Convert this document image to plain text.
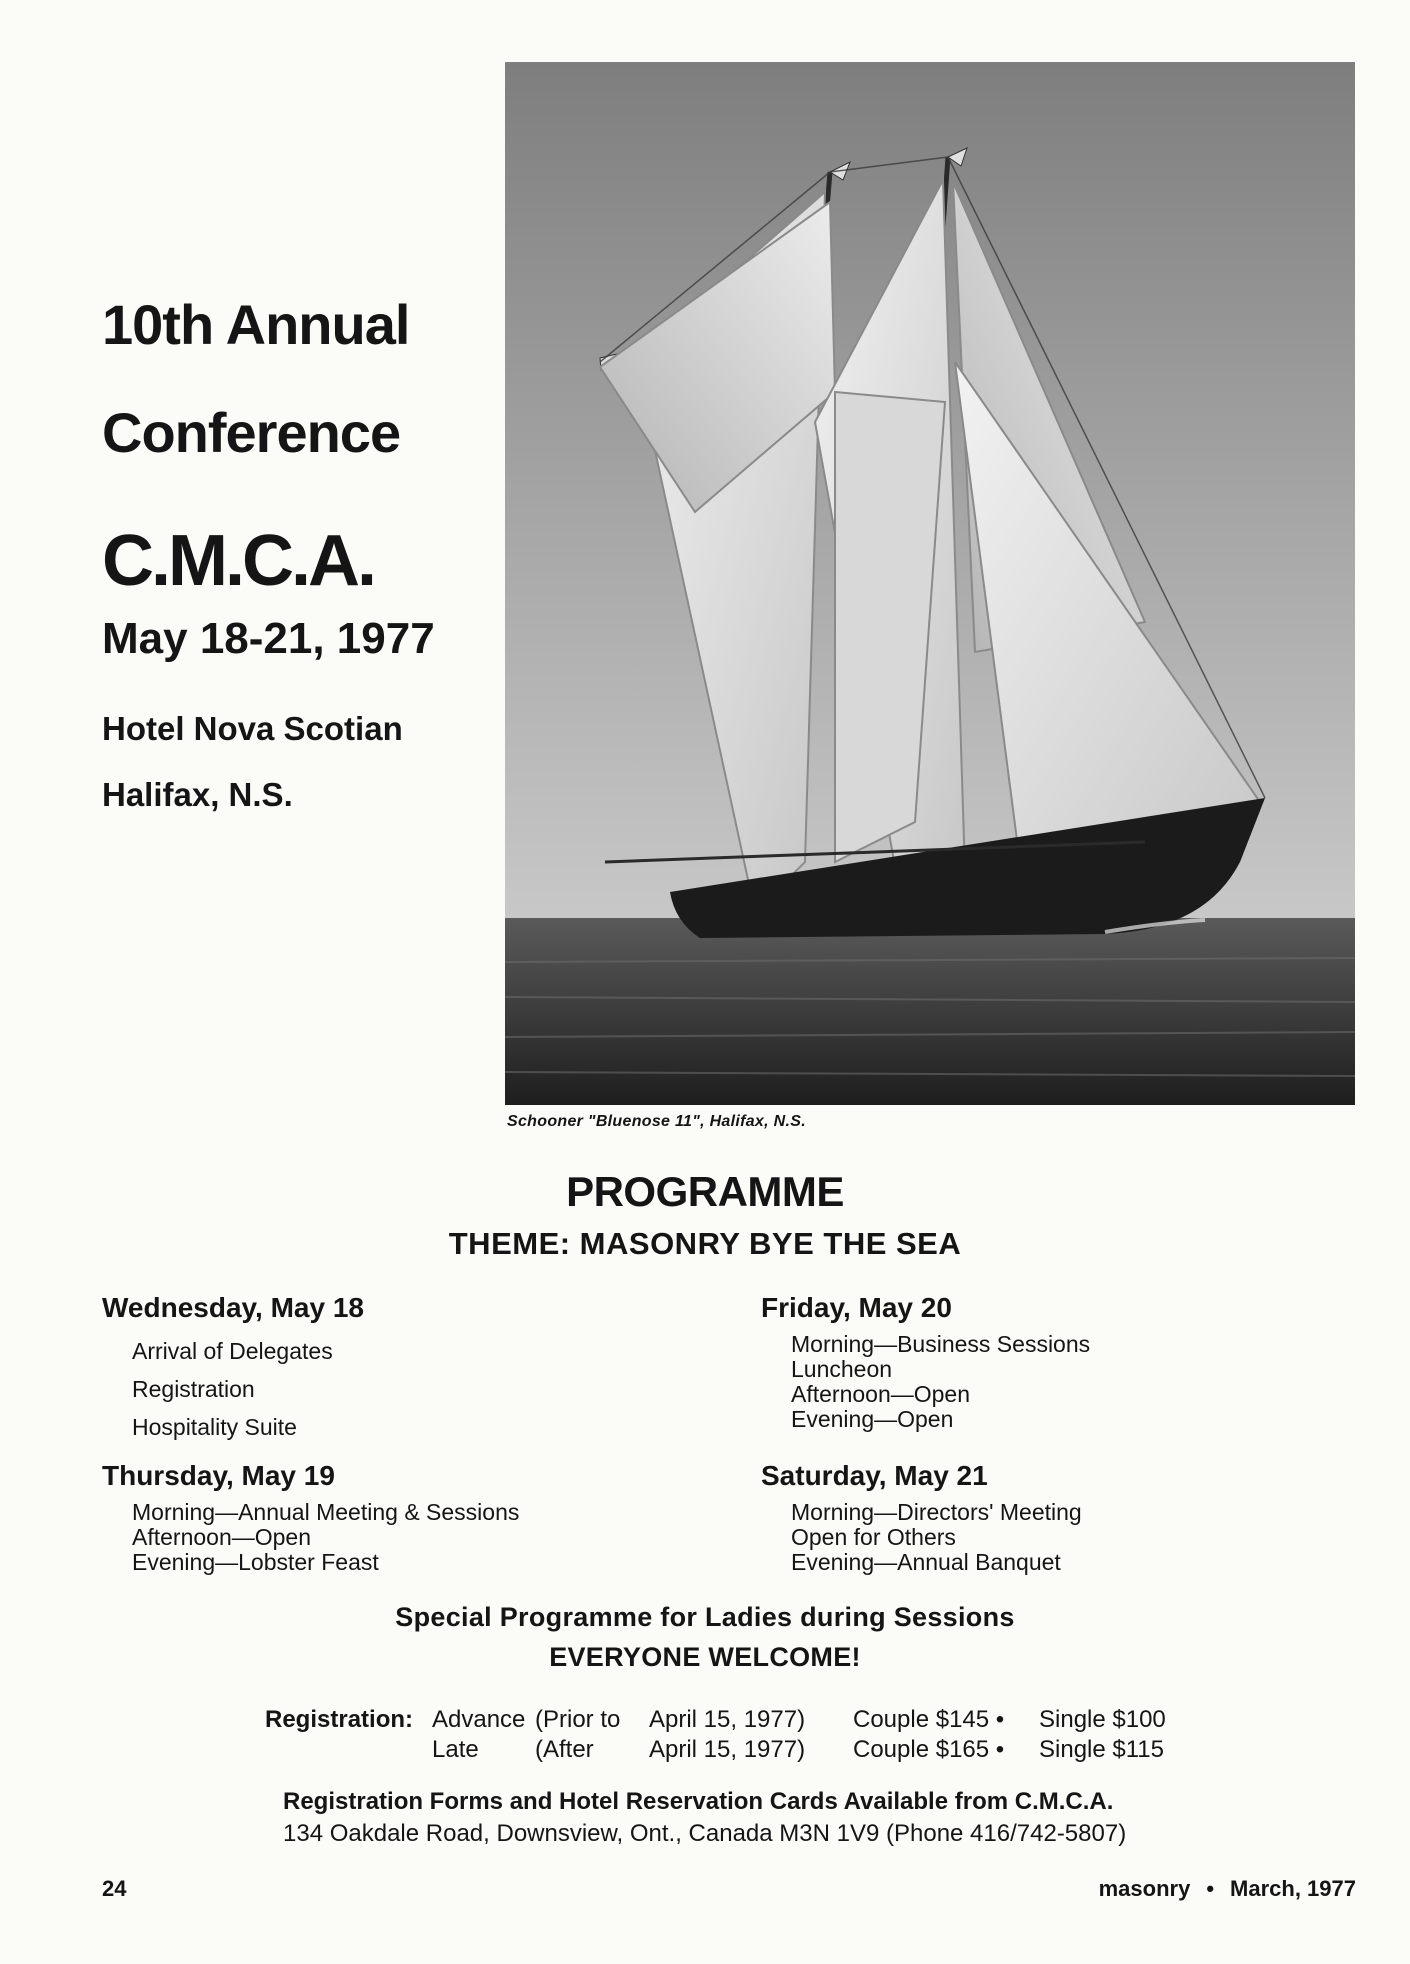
10th Annual
Conference
C.M.C.A.
May 18-21, 1977
Hotel Nova Scotian
Halifax, N.S.
Schooner "Bluenose 11", Halifax, N.S.
PROGRAMME
THEME: MASONRY BYE THE SEA
Wednesday, May 18
Arrival of Delegates
Registration
Hospitality Suite
Thursday, May 19
Morning—Annual Meeting & Sessions
Afternoon—Open
Evening—Lobster Feast
Friday, May 20
Morning—Business Sessions
Luncheon
Afternoon—Open
Evening—Open
Saturday, May 21
Morning—Directors' Meeting
Open for Others
Evening—Annual Banquet
Special Programme for Ladies during Sessions
EVERYONE WELCOME!
Registration: Advance (Prior to April 15, 1977) Couple $145 • Single $100
Late (After April 15, 1977) Couple $165 • Single $115
Registration Forms and Hotel Reservation Cards Available from C.M.C.A.
134 Oakdale Road, Downsview, Ont., Canada M3N 1V9 (Phone 416/742-5807)
24	masonry • March, 1977
